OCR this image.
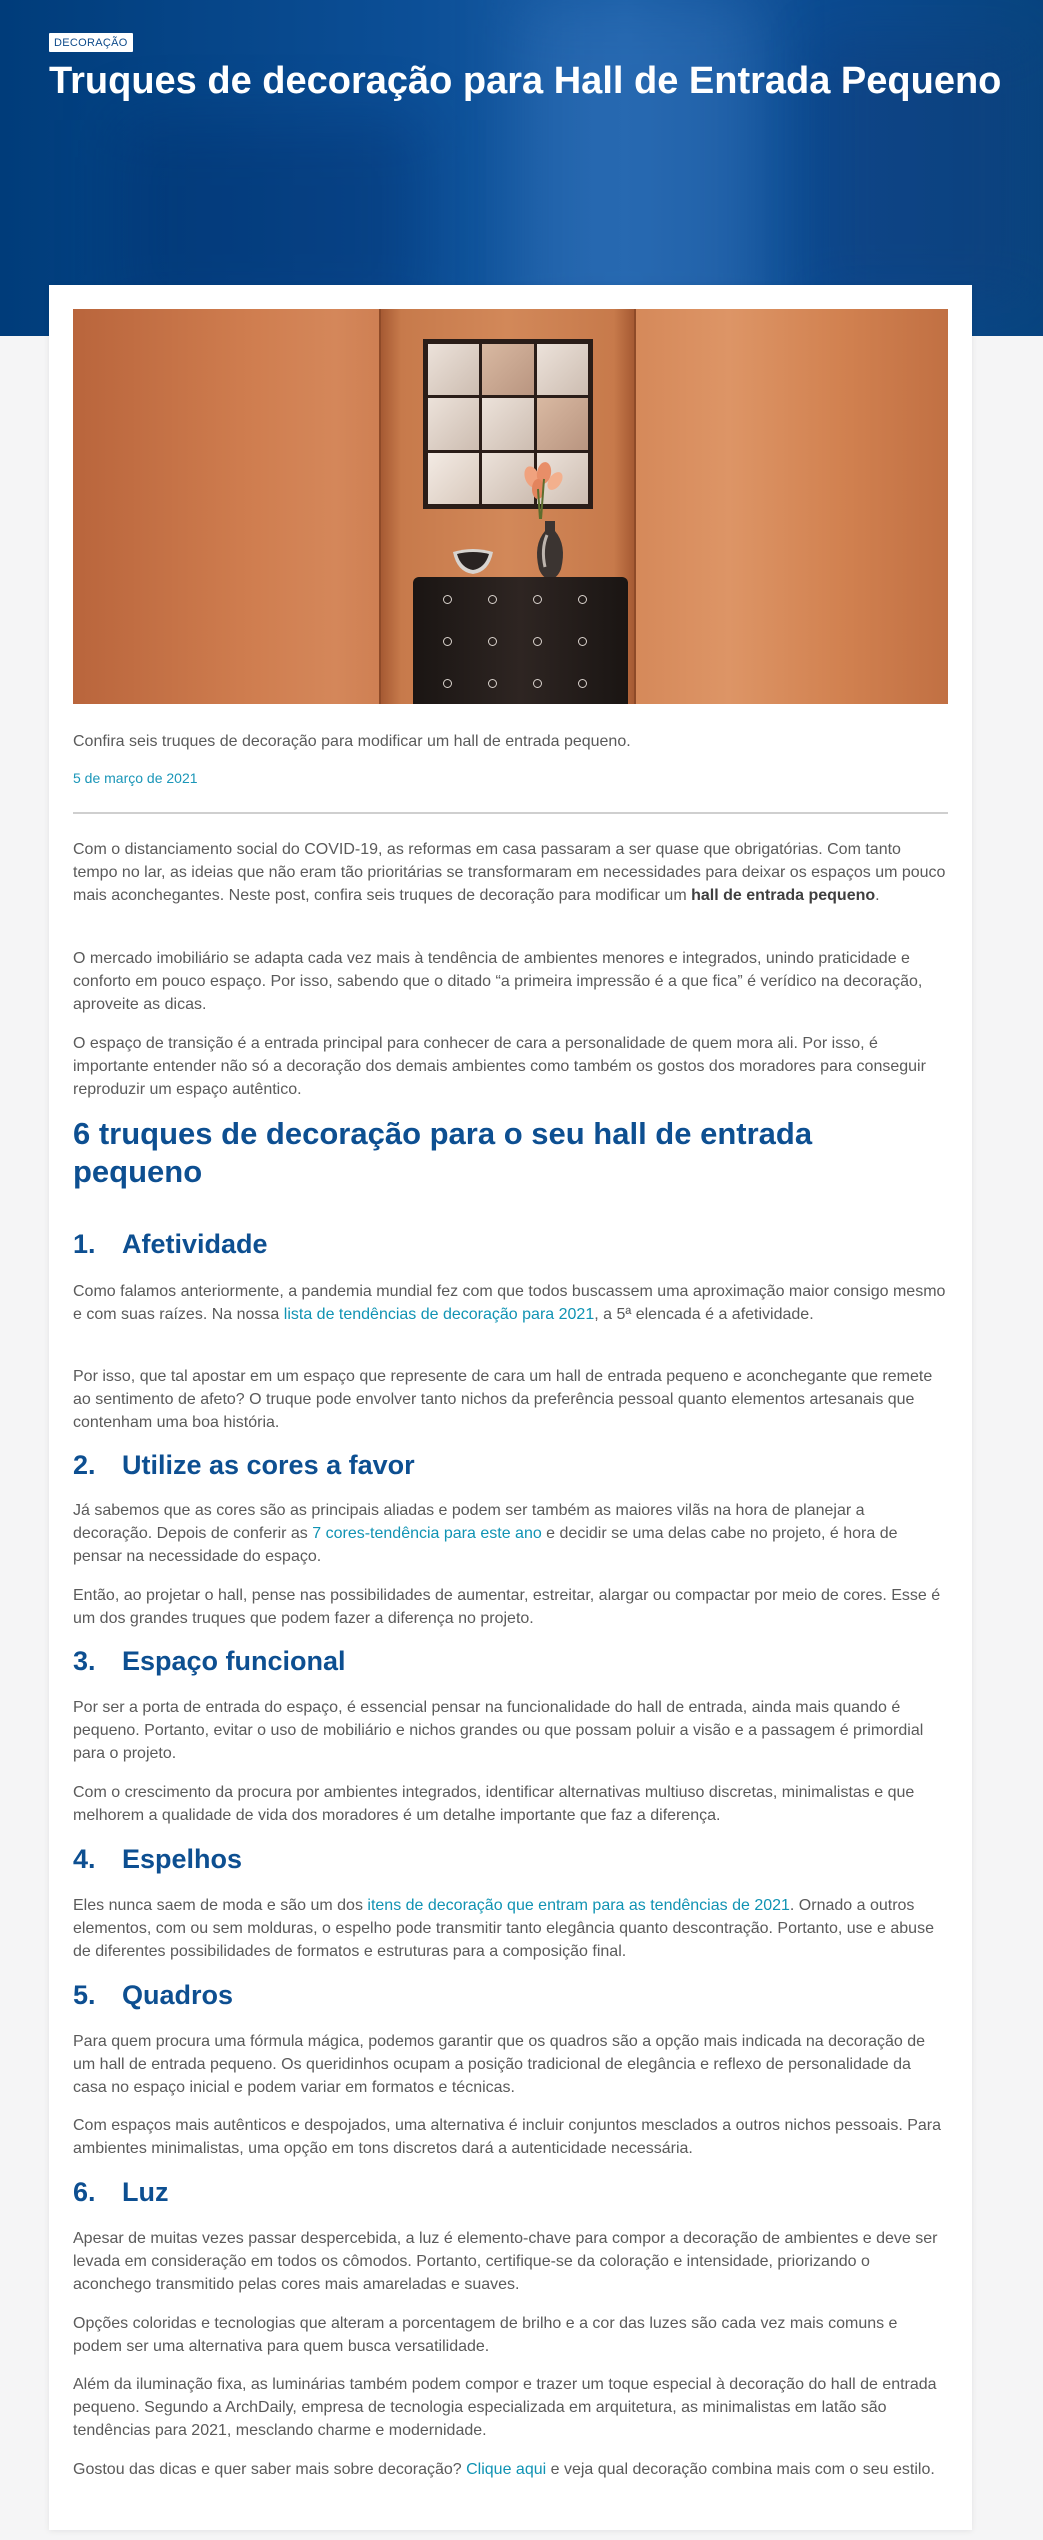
DECORAÇÃO
Truques de decoração para Hall de Entrada Pequeno

Confira seis truques de decoração para modificar um hall de entrada pequeno.

5 de março de 2021

Com o distanciamento social do COVID-19, as reformas em casa passaram a ser quase que obrigatórias. Com tanto tempo no lar, as ideias que não eram tão prioritárias se transformaram em necessidades para deixar os espaços um pouco mais aconchegantes. Neste post, confira seis truques de decoração para modificar um hall de entrada pequeno.

O mercado imobiliário se adapta cada vez mais à tendência de ambientes menores e integrados, unindo praticidade e conforto em pouco espaço. Por isso, sabendo que o ditado “a primeira impressão é a que fica” é verídico na decoração, aproveite as dicas.

O espaço de transição é a entrada principal para conhecer de cara a personalidade de quem mora ali. Por isso, é importante entender não só a decoração dos demais ambientes como também os gostos dos moradores para conseguir reproduzir um espaço autêntico.

6 truques de decoração para o seu hall de entrada pequeno
1. Afetividade

Como falamos anteriormente, a pandemia mundial fez com que todos buscassem uma aproximação maior consigo mesmo e com suas raízes. Na nossa lista de tendências de decoração para 2021, a 5ª elencada é a afetividade.

Por isso, que tal apostar em um espaço que represente de cara um hall de entrada pequeno e aconchegante que remete ao sentimento de afeto? O truque pode envolver tanto nichos da preferência pessoal quanto elementos artesanais que contenham uma boa história.

2. Utilize as cores a favor

Já sabemos que as cores são as principais aliadas e podem ser também as maiores vilãs na hora de planejar a decoração. Depois de conferir as 7 cores-tendência para este ano e decidir se uma delas cabe no projeto, é hora de pensar na necessidade do espaço.

Então, ao projetar o hall, pense nas possibilidades de aumentar, estreitar, alargar ou compactar por meio de cores. Esse é um dos grandes truques que podem fazer a diferença no projeto.

3. Espaço funcional

Por ser a porta de entrada do espaço, é essencial pensar na funcionalidade do hall de entrada, ainda mais quando é pequeno. Portanto, evitar o uso de mobiliário e nichos grandes ou que possam poluir a visão e a passagem é primordial para o projeto.

Com o crescimento da procura por ambientes integrados, identificar alternativas multiuso discretas, minimalistas e que melhorem a qualidade de vida dos moradores é um detalhe importante que faz a diferença.

4. Espelhos

Eles nunca saem de moda e são um dos itens de decoração que entram para as tendências de 2021. Ornado a outros elementos, com ou sem molduras, o espelho pode transmitir tanto elegância quanto descontração. Portanto, use e abuse de diferentes possibilidades de formatos e estruturas para a composição final.

5. Quadros

Para quem procura uma fórmula mágica, podemos garantir que os quadros são a opção mais indicada na decoração de um hall de entrada pequeno. Os queridinhos ocupam a posição tradicional de elegância e reflexo de personalidade da casa no espaço inicial e podem variar em formatos e técnicas.

Com espaços mais autênticos e despojados, uma alternativa é incluir conjuntos mesclados a outros nichos pessoais. Para ambientes minimalistas, uma opção em tons discretos dará a autenticidade necessária.

6. Luz

Apesar de muitas vezes passar despercebida, a luz é elemento-chave para compor a decoração de ambientes e deve ser levada em consideração em todos os cômodos. Portanto, certifique-se da coloração e intensidade, priorizando o aconchego transmitido pelas cores mais amareladas e suaves.

Opções coloridas e tecnologias que alteram a porcentagem de brilho e a cor das luzes são cada vez mais comuns e podem ser uma alternativa para quem busca versatilidade.

Além da iluminação fixa, as luminárias também podem compor e trazer um toque especial à decoração do hall de entrada pequeno. Segundo a ArchDaily, empresa de tecnologia especializada em arquitetura, as minimalistas em latão são tendências para 2021, mesclando charme e modernidade.

Gostou das dicas e quer saber mais sobre decoração? Clique aqui e veja qual decoração combina mais com o seu estilo.
